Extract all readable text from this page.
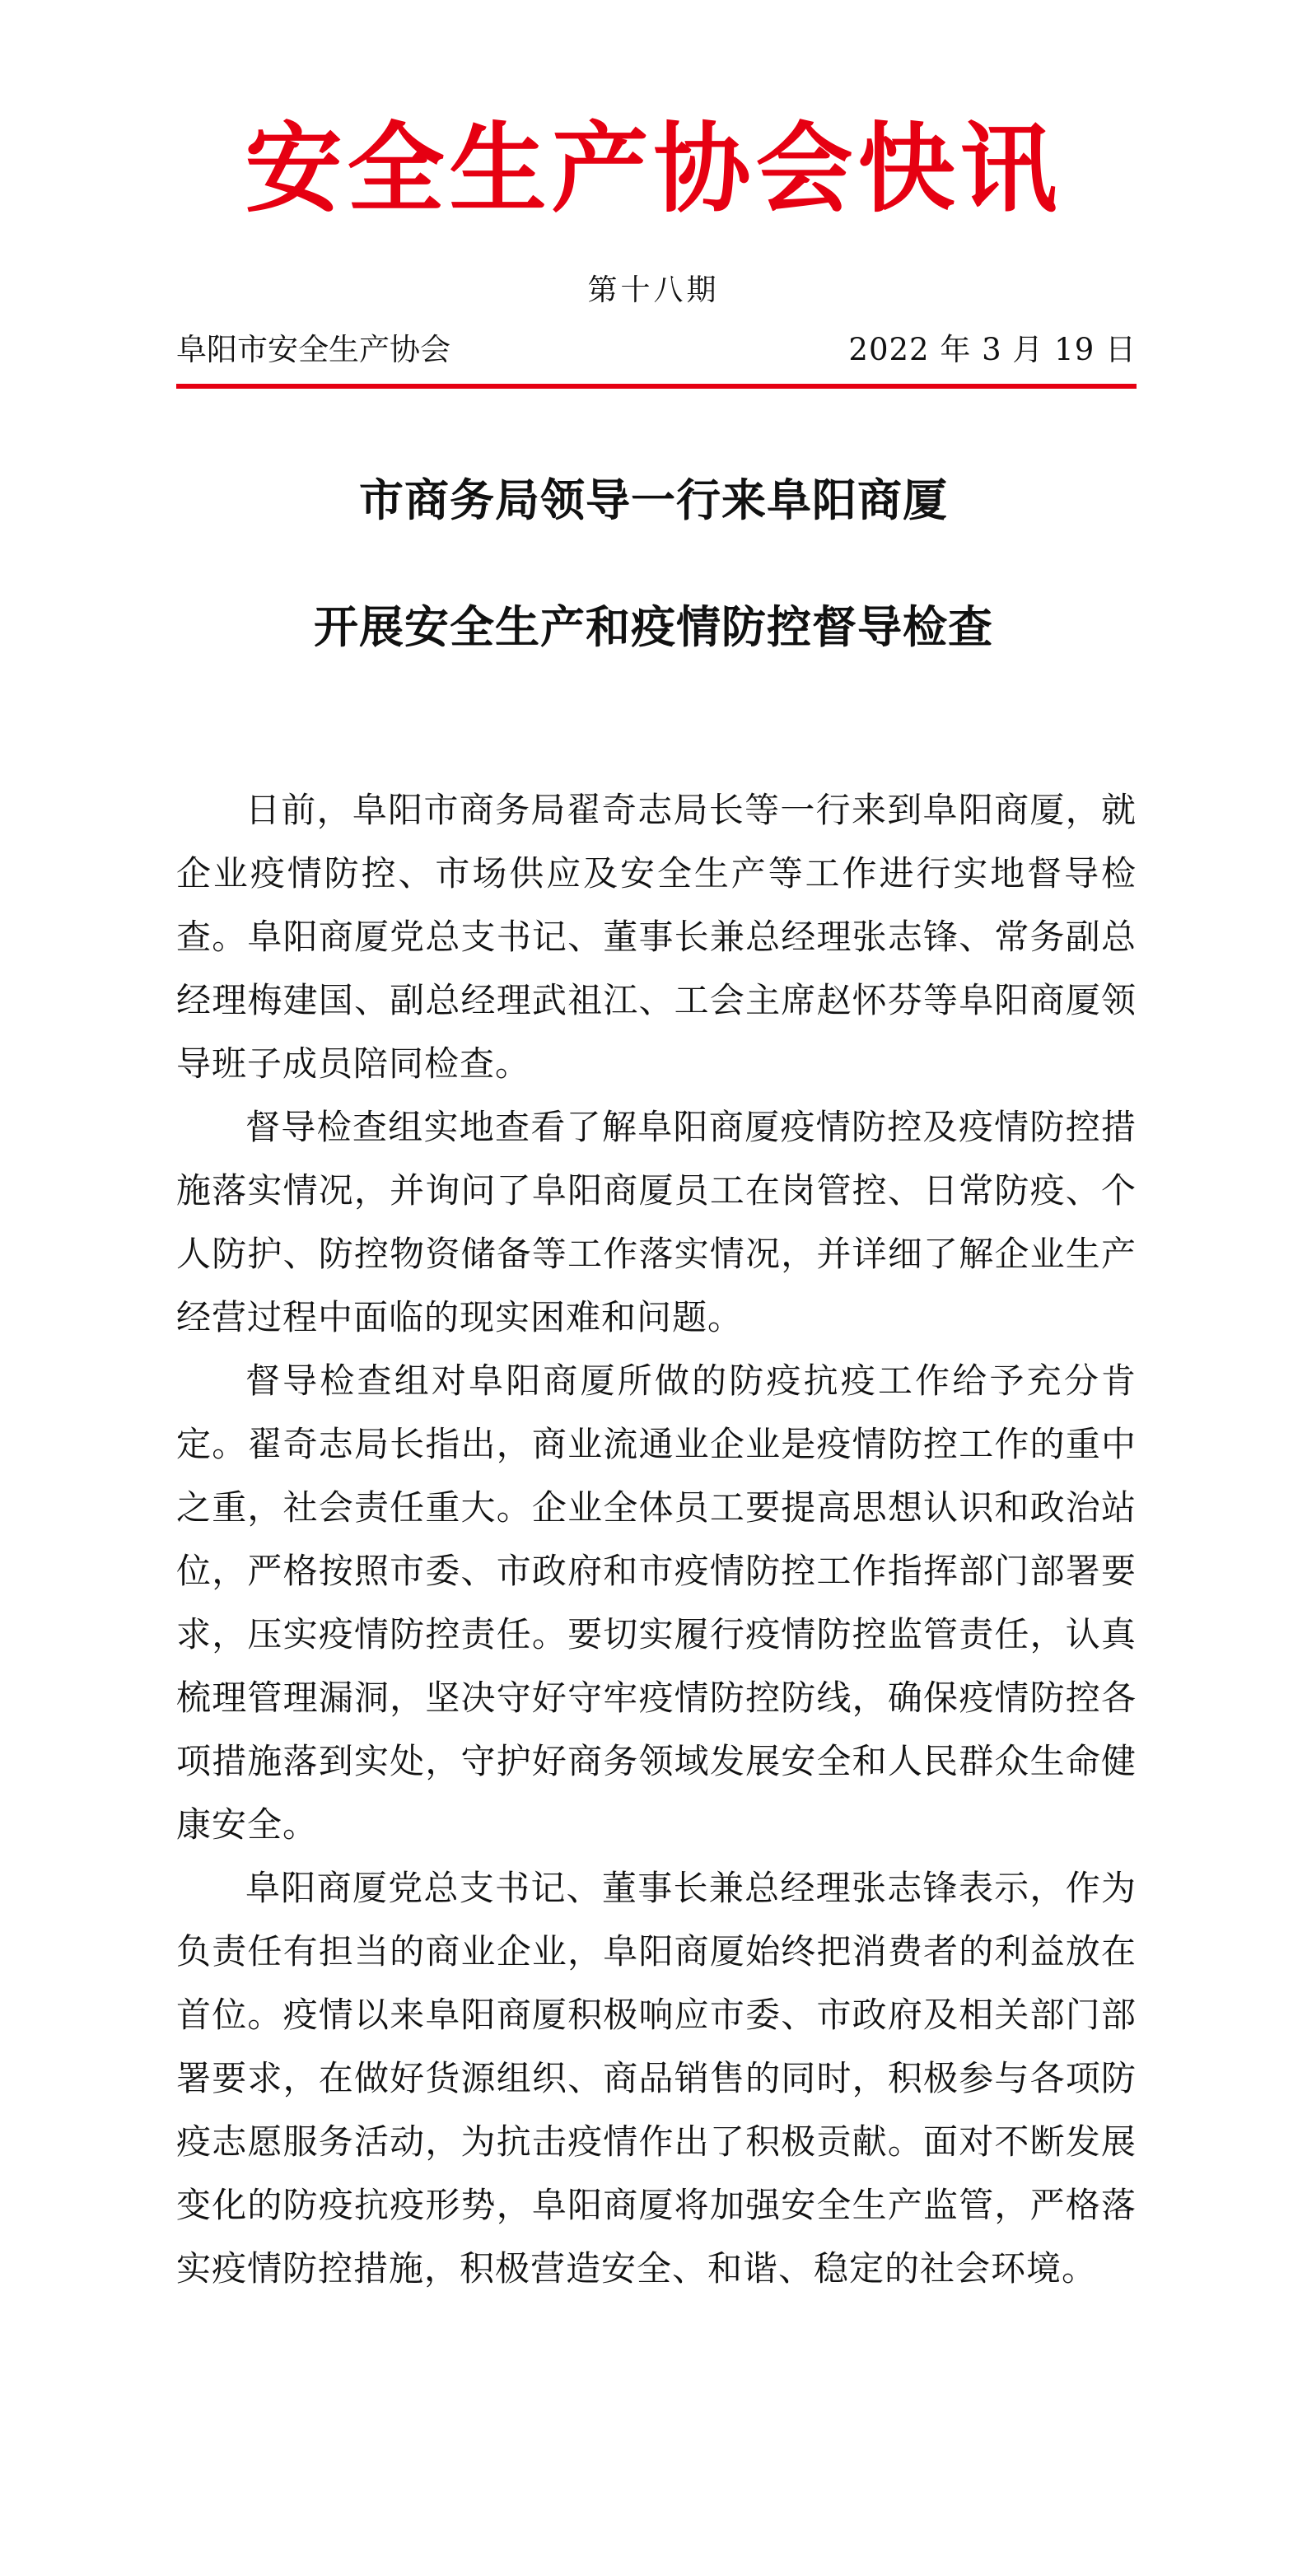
安全生产协会快讯
第十八期
阜阳市安全生产协会	2022 年 3 月 19 日
市商务局领导一行来阜阳商厦
开展安全生产和疫情防控督导检查

日前，阜阳市商务局翟奇志局长等一行来到阜阳商厦，就企业疫情防控、市场供应及安全生产等工作进行实地督导检查。阜阳商厦党总支书记、董事长兼总经理张志锋、常务副总经理梅建国、副总经理武祖江、工会主席赵怀芬等阜阳商厦领导班子成员陪同检查。

督导检查组实地查看了解阜阳商厦疫情防控及疫情防控措施落实情况，并询问了阜阳商厦员工在岗管控、日常防疫、个人防护、防控物资储备等工作落实情况，并详细了解企业生产经营过程中面临的现实困难和问题。

督导检查组对阜阳商厦所做的防疫抗疫工作给予充分肯定。翟奇志局长指出，商业流通业企业是疫情防控工作的重中之重，社会责任重大。企业全体员工要提高思想认识和政治站位，严格按照市委、市政府和市疫情防控工作指挥部门部署要求，压实疫情防控责任。要切实履行疫情防控监管责任，认真梳理管理漏洞，坚决守好守牢疫情防控防线，确保疫情防控各项措施落到实处，守护好商务领域发展安全和人民群众生命健康安全。

阜阳商厦党总支书记、董事长兼总经理张志锋表示，作为负责任有担当的商业企业，阜阳商厦始终把消费者的利益放在首位。疫情以来阜阳商厦积极响应市委、市政府及相关部门部署要求，在做好货源组织、商品销售的同时，积极参与各项防疫志愿服务活动，为抗击疫情作出了积极贡献。面对不断发展变化的防疫抗疫形势，阜阳商厦将加强安全生产监管，严格落实疫情防控措施，积极营造安全、和谐、稳定的社会环境。
